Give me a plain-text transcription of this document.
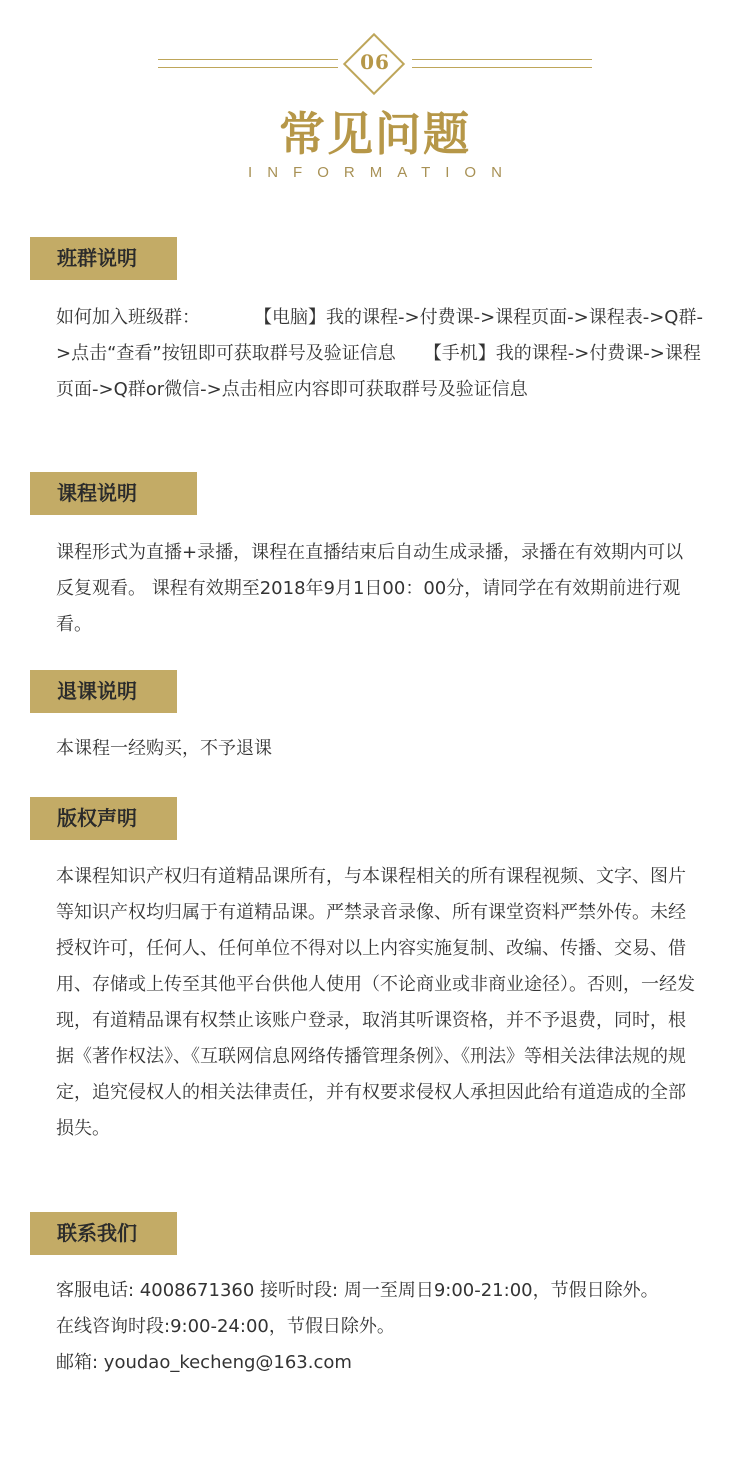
06
常见问题
INFORMATION
班群说明
如何加入班级群：	【电脑】我的课程->付费课->课程页面->课程表->Q群->点击“查看”按钮即可获取群号及验证信息 【手机】我的课程->付费课->课程页面->Q群or微信->点击相应内容即可获取群号及验证信息
课程说明
课程形式为直播+录播，课程在直播结束后自动生成录播，录播在有效期内可以反复观看。 课程有效期至2018年9月1日00：00分，请同学在有效期前进行观看。
退课说明
本课程一经购买，不予退课
版权声明
本课程知识产权归有道精品课所有，与本课程相关的所有课程视频、文字、图片等知识产权均归属于有道精品课。严禁录音录像、所有课堂资料严禁外传。未经授权许可，任何人、任何单位不得对以上内容实施复制、改编、传播、交易、借用、存储或上传至其他平台供他人使用（不论商业或非商业途径）。否则，一经发现，有道精品课有权禁止该账户登录，取消其听课资格，并不予退费，同时，根据《著作权法》、《互联网信息网络传播管理条例》、《刑法》等相关法律法规的规定，追究侵权人的相关法律责任，并有权要求侵权人承担因此给有道造成的全部损失。
联系我们
客服电话: 4008671360 接听时段: 周一至周日9:00-21:00，节假日除外。
在线咨询时段:9:00-24:00，节假日除外。
邮箱: youdao_kecheng@163.com
